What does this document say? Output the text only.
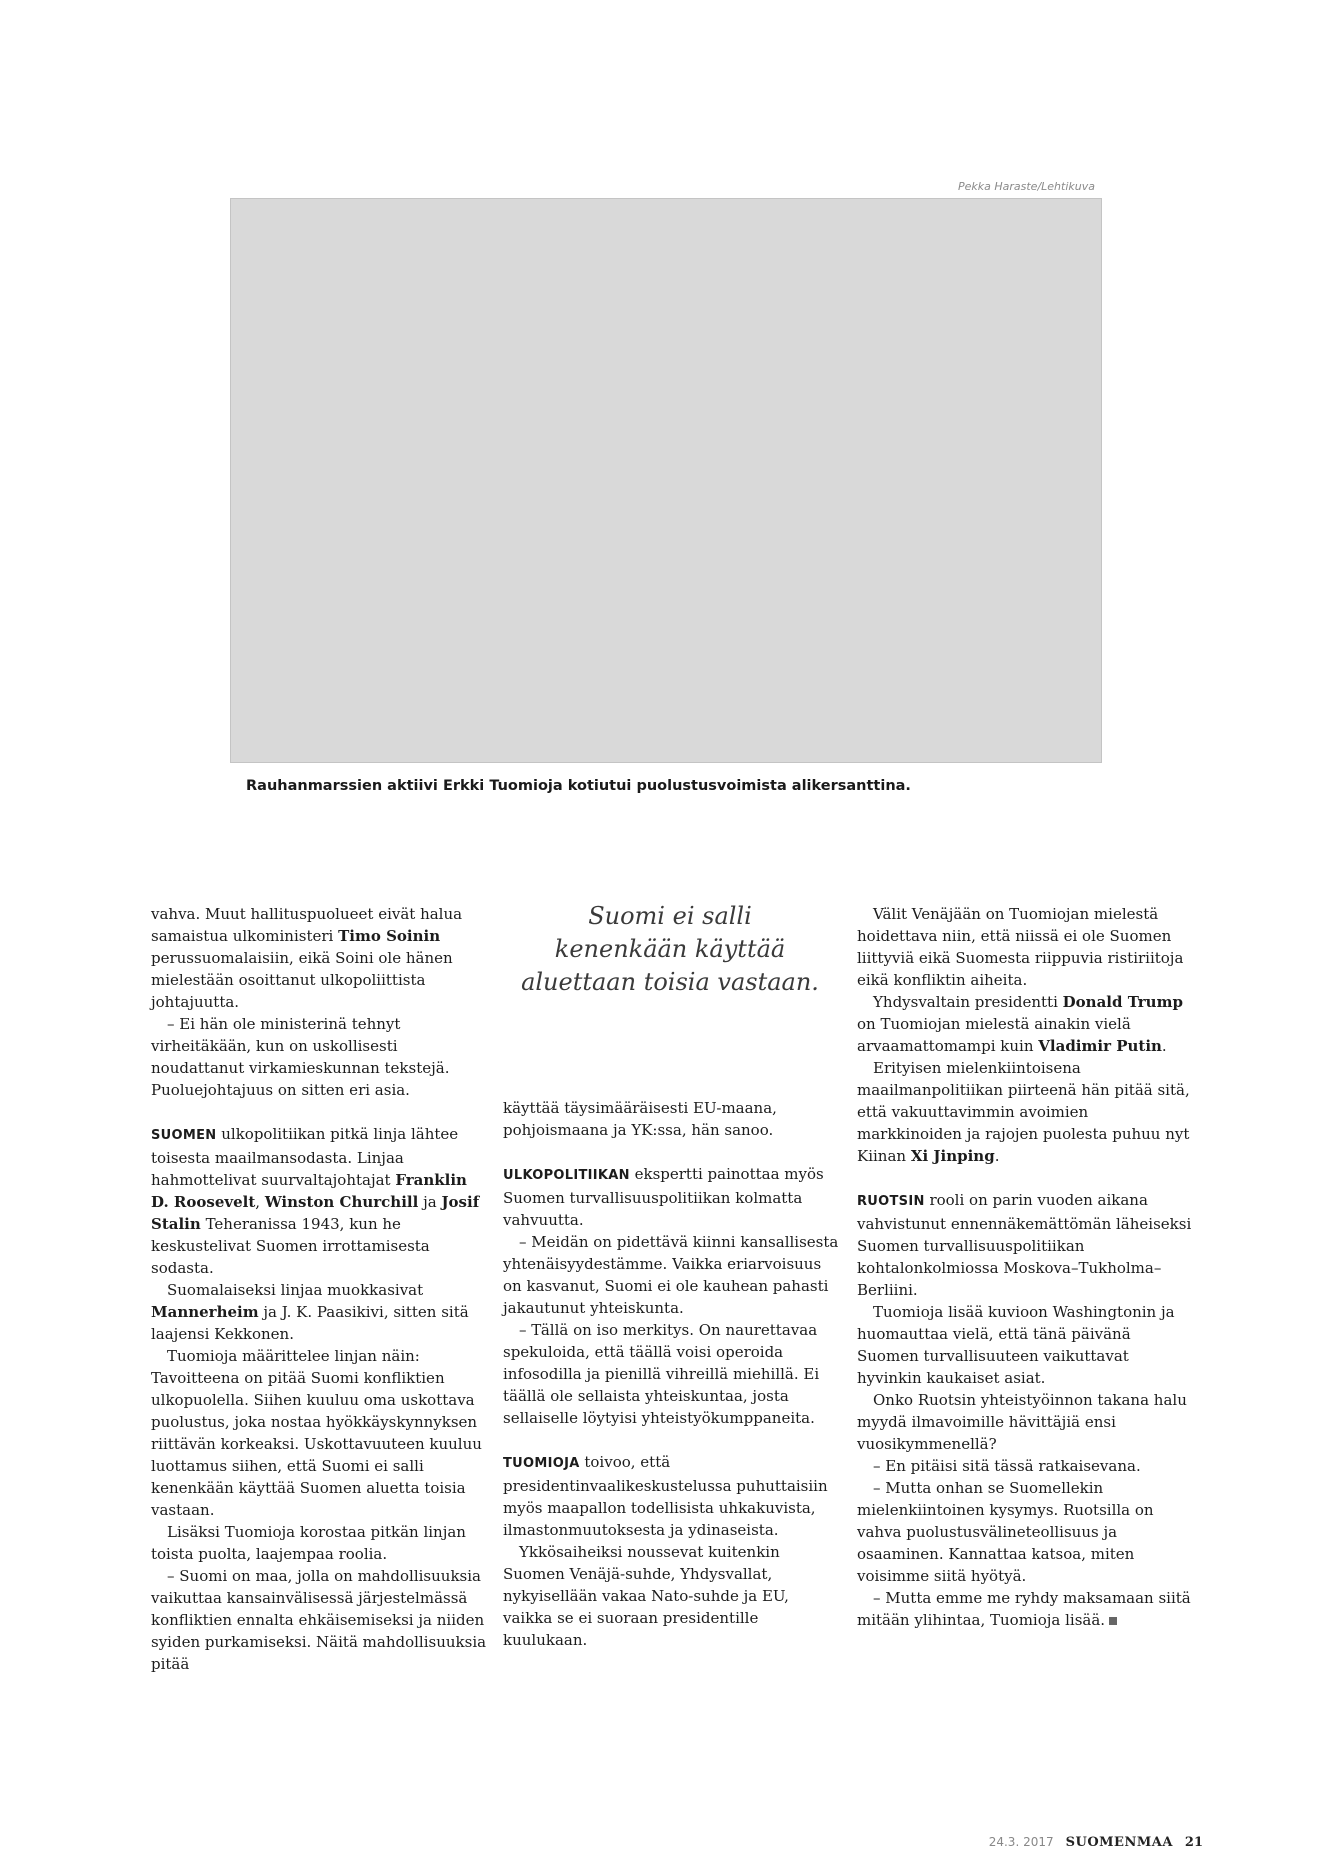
Pekka Haraste/Lehtikuva
Rauhanmarssien aktiivi Erkki Tuomioja kotiutui puolustusvoimista alikersanttina.

vahva. Muut hallituspuolueet eivät halua samaistua ulkoministeri Timo Soinin perussuomalaisiin, eikä Soini ole hänen mielestään osoittanut ulkopoliittista johtajuutta.

– Ei hän ole ministerinä tehnyt virheitäkään, kun on uskollisesti noudattanut virkamieskunnan tekstejä. Puoluejohtajuus on sitten eri asia.

SUOMEN ulkopolitiikan pitkä linja lähtee toisesta maailmansodasta. Linjaa hahmottelivat suurvaltajohtajat Franklin D. Roosevelt, Winston Churchill ja Josif Stalin Teheranissa 1943, kun he keskustelivat Suomen irrottamisesta sodasta.

Suomalaiseksi linjaa muokkasivat Mannerheim ja J. K. Paasikivi, sitten sitä laajensi Kekkonen.

Tuomioja määrittelee linjan näin: Tavoitteena on pitää Suomi konfliktien ulkopuolella. Siihen kuuluu oma uskottava puolustus, joka nostaa hyökkäyskynnyksen riittävän korkeaksi. Uskottavuuteen kuuluu luottamus siihen, että Suomi ei salli kenenkään käyttää Suomen aluetta toisia vastaan.

Lisäksi Tuomioja korostaa pitkän linjan toista puolta, laajempaa roolia.

– Suomi on maa, jolla on mahdollisuuksia vaikuttaa kansainvälisessä järjestelmässä konfliktien ennalta ehkäisemiseksi ja niiden syiden purkamiseksi. Näitä mahdollisuuksia pitää

Suomi ei salli kenenkään käyttää aluettaan toisia vastaan.

käyttää täysimääräisesti EU-maana, pohjoismaana ja YK:ssa, hän sanoo.

ULKOPOLITIIKAN ekspertti painottaa myös Suomen turvallisuuspolitiikan kolmatta vahvuutta.

– Meidän on pidettävä kiinni kansallisesta yhtenäisyydestämme. Vaikka eriarvoisuus on kasvanut, Suomi ei ole kauhean pahasti jakautunut yhteiskunta.

– Tällä on iso merkitys. On naurettavaa spekuloida, että täällä voisi operoida infosodilla ja pienillä vihreillä miehillä. Ei täällä ole sellaista yhteiskuntaa, josta sellaiselle löytyisi yhteistyökumppaneita.

TUOMIOJA toivoo, että presidentinvaalikeskustelussa puhuttaisiin myös maapallon todellisista uhkakuvista, ilmastonmuutoksesta ja ydinaseista.

Ykkösaiheiksi noussevat kuitenkin Suomen Venäjä-suhde, Yhdysvallat, nykyisellään vakaa Nato-suhde ja EU, vaikka se ei suoraan presidentille kuulukaan.

Välit Venäjään on Tuomiojan mielestä hoidettava niin, että niissä ei ole Suomen liittyviä eikä Suomesta riippuvia ristiriitoja eikä konfliktin aiheita.

Yhdysvaltain presidentti Donald Trump on Tuomiojan mielestä ainakin vielä arvaamattomampi kuin Vladimir Putin.

Erityisen mielenkiintoisena maailmanpolitiikan piirteenä hän pitää sitä, että vakuuttavimmin avoimien markkinoiden ja rajojen puolesta puhuu nyt Kiinan Xi Jinping.

RUOTSIN rooli on parin vuoden aikana vahvistunut ennennäkemättömän läheiseksi Suomen turvallisuuspolitiikan kohtalonkolmiossa Moskova–Tukholma–Berliini.

Tuomioja lisää kuvioon Washingtonin ja huomauttaa vielä, että tänä päivänä Suomen turvallisuuteen vaikuttavat hyvinkin kaukaiset asiat.

Onko Ruotsin yhteistyöinnon takana halu myydä ilmavoimille hävittäjiä ensi vuosikymmenellä?

– En pitäisi sitä tässä ratkaisevana.

– Mutta onhan se Suomellekin mielenkiintoinen kysymys. Ruotsilla on vahva puolustusvälineteollisuus ja osaaminen. Kannattaa katsoa, miten voisimme siitä hyötyä.

– Mutta emme me ryhdy maksamaan siitä mitään ylihintaa, Tuomioja lisää.

24.3. 2017 SUOMENMAA 21
